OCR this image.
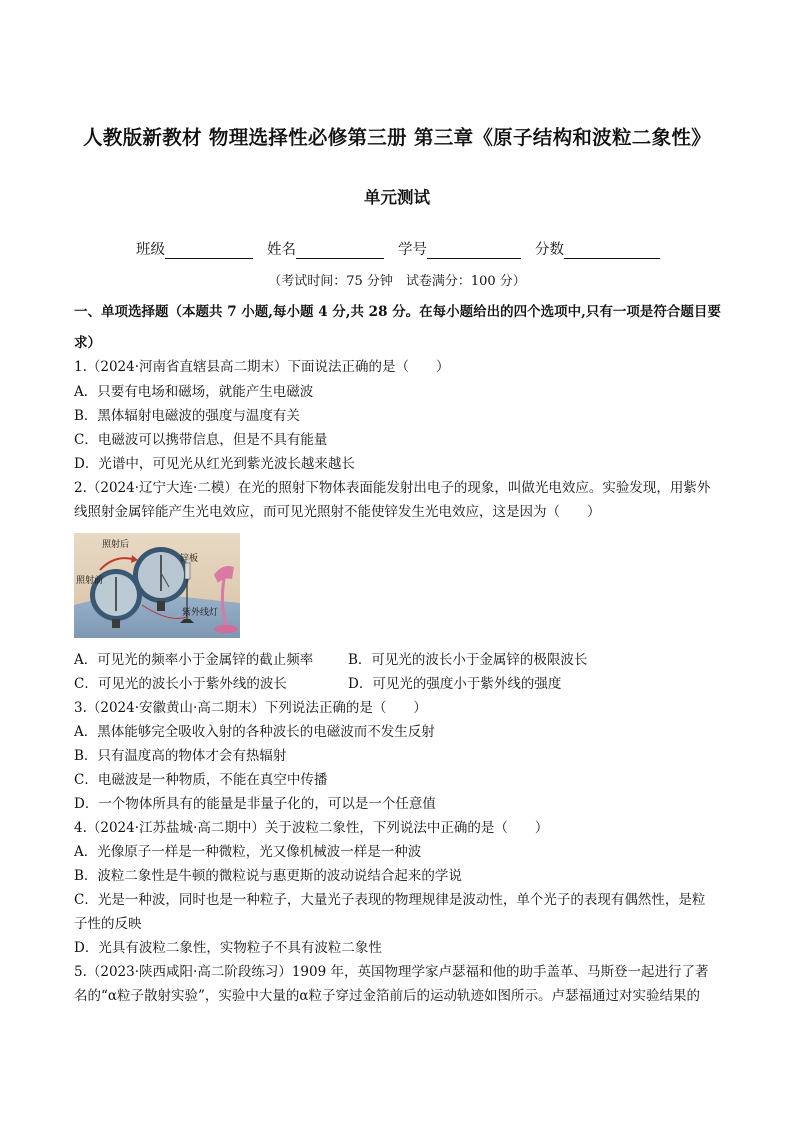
人教版新教材 物理选择性必修第三册 第三章《原子结构和波粒二象性》
单元测试
班级	姓名	学号	分数
（考试时间：75 分钟　试卷满分：100 分）
一、单项选择题（本题共 7 小题,每小题 4 分,共 28 分。在每小题给出的四个选项中,只有一项是符合题目要
求）
1.（2024·河南省直辖县高二期末）下面说法正确的是（　　）
A．只要有电场和磁场，就能产生电磁波
B．黑体辐射电磁波的强度与温度有关
C．电磁波可以携带信息，但是不具有能量
D．光谱中，可见光从红光到紫光波长越来越长
2.（2024·辽宁大连·二模）在光的照射下物体表面能发射出电子的现象，叫做光电效应。实验发现，用紫外
线照射金属锌能产生光电效应，而可见光照射不能使锌发生光电效应，这是因为（　　）
照射后
照射前
锌板
紫外线灯
A．可见光的频率小于金属锌的截止频率	B．可见光的波长小于金属锌的极限波长
C．可见光的波长小于紫外线的波长	D．可见光的强度小于紫外线的强度
3.（2024·安徽黄山·高二期末）下列说法正确的是（　　）
A．黑体能够完全吸收入射的各种波长的电磁波而不发生反射
B．只有温度高的物体才会有热辐射
C．电磁波是一种物质，不能在真空中传播
D．一个物体所具有的能量是非量子化的，可以是一个任意值
4.（2024·江苏盐城·高二期中）关于波粒二象性，下列说法中正确的是（　　）
A．光像原子一样是一种微粒，光又像机械波一样是一种波
B．波粒二象性是牛顿的微粒说与惠更斯的波动说结合起来的学说
C．光是一种波，同时也是一种粒子，大量光子表现的物理规律是波动性，单个光子的表现有偶然性，是粒
子性的反映
D．光具有波粒二象性，实物粒子不具有波粒二象性
5.（2023·陕西咸阳·高二阶段练习）1909 年，英国物理学家卢瑟福和他的助手盖革、马斯登一起进行了著
名的“α粒子散射实验”，实验中大量的α粒子穿过金箔前后的运动轨迹如图所示。卢瑟福通过对实验结果的
